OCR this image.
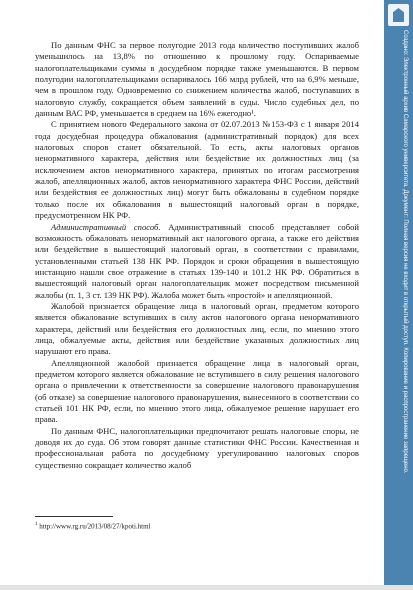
По данным ФНС за первое полугодие 2013 года количество поступивших жалоб уменьшилось на 13,8% по отношению к прошлому году. Оспариваемые налогоплательщиками суммы в досудебном порядке также уменьшаются. В первом полугодии налогоплательщиками оспаривалось 166 млрд рублей, что на 6,9% меньше, чем в прошлом году. Одновременно со снижением количества жалоб, поступавших в налоговую службу, сокращается объем заявлений в суды. Число судебных дел, по данным ВАС РФ, уменьшается в среднем на 16% ежегодно¹.

С принятием нового Федерального закона от 02.07.2013 №153-ФЗ с 1 января 2014 года досудебная процедура обжалования (административный порядок) для всех налоговых споров станет обязательной. То есть, акты налоговых органов ненормативного характера, действия или бездействие их должностных лиц (за исключением актов ненормативного характера, принятых по итогам рассмотрения жалоб, апелляционных жалоб, актов ненормативного характера ФНС России, действий или бездействия ее должностных лиц) могут быть обжалованы в судебном порядке только после их обжалования в вышестоящий налоговый орган в порядке, предусмотренном НК РФ.

Административный способ. Административный способ представляет собой возможность обжаловать ненормативный акт налогового органа, а также его действия или бездействие в вышестоящий налоговый орган, в соответствии с правилами, установленными статьей 138 НК РФ. Порядок и сроки обращения в вышестоящую инстанцию нашли свое отражение в статьях 139-140 и 101.2 НК РФ. Обратиться в вышестоящий налоговый орган налогоплательщик может посредством письменной жалобы (п. 1, 3 ст. 139 НК РФ). Жалоба может быть «простой» и апелляционной.

Жалобой признается обращение лица в налоговый орган, предметом которого является обжалование вступивших в силу актов налогового органа ненормативного характера, действий или бездействия его должностных лиц, если, по мнению этого лица, обжалуемые акты, действия или бездействие указанных должностных лиц нарушают его права.

Апелляционной жалобой признается обращение лица в налоговый орган, предметом которого является обжалование не вступившего в силу решения налогового органа о привлечении к ответственности за совершение налогового правонарушения (об отказе) за совершение налогового правонарушения, вынесенного в соответствии со статьей 101 НК РФ, если, по мнению этого лица, обжалуемое решение нарушает его права.

По данным ФНС, налогоплательщики предпочитают решать налоговые споры, не доводя их до суда. Об этом говорят данные статистики ФНС России. Качественная и профессиональная работа по досудебному урегулированию налоговых споров существенно сокращает количество жалоб

$^1$ http://www.rg.ru/2013/08/27/kpoti.html
Создано: Электронный архив Самарского университета. Документ: Полная версия не входит в открытый доступ. Копирование и распространение запрещено.
